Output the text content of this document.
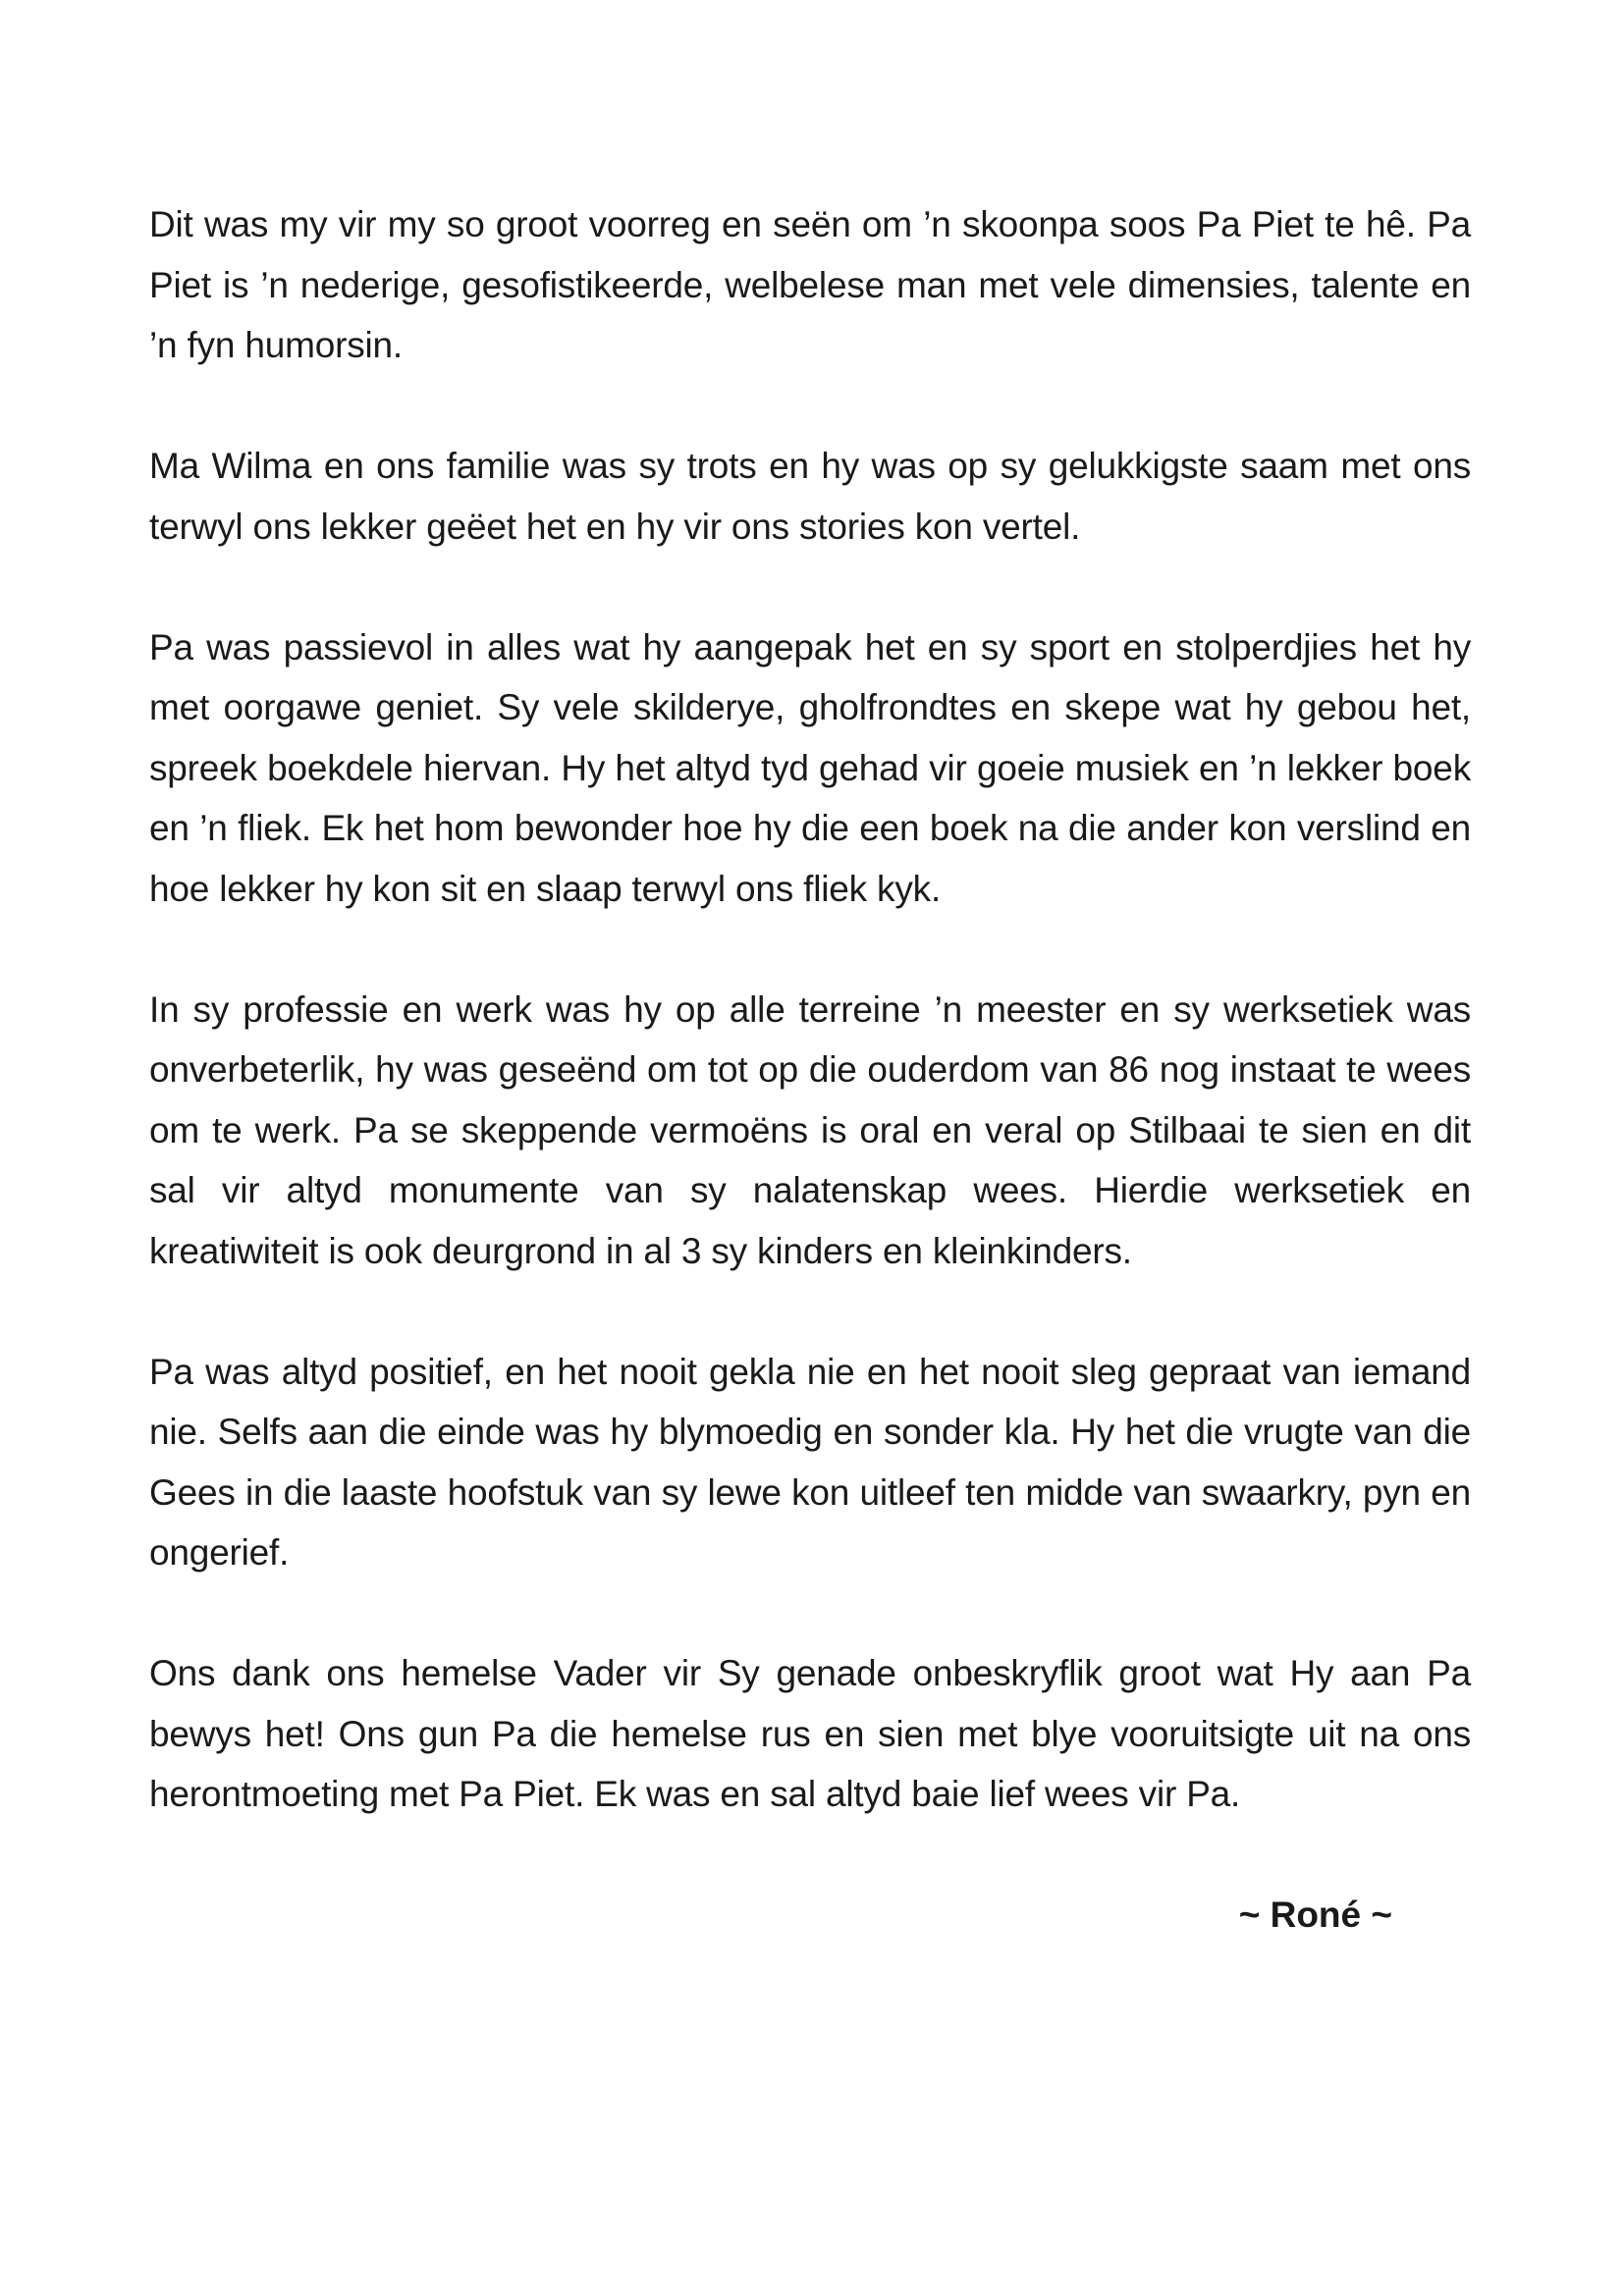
Dit was my vir my so groot voorreg en seën om ’n skoonpa soos Pa Piet te hê. Pa Piet is ’n nederige, gesofistikeerde, welbelese man met vele dimensies, talente en ’n fyn humorsin.

Ma Wilma en ons familie was sy trots en hy was op sy gelukkigste saam met ons terwyl ons lekker geëet het en hy vir ons stories kon vertel.

Pa was passievol in alles wat hy aangepak het en sy sport en stolperdjies het hy met oorgawe geniet. Sy vele skilderye, gholfrondtes en skepe wat hy gebou het, spreek boekdele hiervan. Hy het altyd tyd gehad vir goeie musiek en ’n lekker boek en ’n fliek. Ek het hom bewonder hoe hy die een boek na die ander kon verslind en hoe lekker hy kon sit en slaap terwyl ons fliek kyk.

In sy professie en werk was hy op alle terreine ’n meester en sy werksetiek was onverbeterlik, hy was geseënd om tot op die ouderdom van 86 nog instaat te wees om te werk. Pa se skeppende vermoëns is oral en veral op Stilbaai te sien en dit sal vir altyd monumente van sy nalatenskap wees. Hierdie werksetiek en kreatiwiteit is ook deurgrond in al 3 sy kinders en kleinkinders.

Pa was altyd positief, en het nooit gekla nie en het nooit sleg gepraat van iemand nie. Selfs aan die einde was hy blymoedig en sonder kla. Hy het die vrugte van die Gees in die laaste hoofstuk van sy lewe kon uitleef ten midde van swaarkry, pyn en ongerief.

Ons dank ons hemelse Vader vir Sy genade onbeskryflik groot wat Hy aan Pa bewys het! Ons gun Pa die hemelse rus en sien met blye vooruitsigte uit na ons herontmoeting met Pa Piet. Ek was en sal altyd baie lief wees vir Pa.

~ Roné ~
